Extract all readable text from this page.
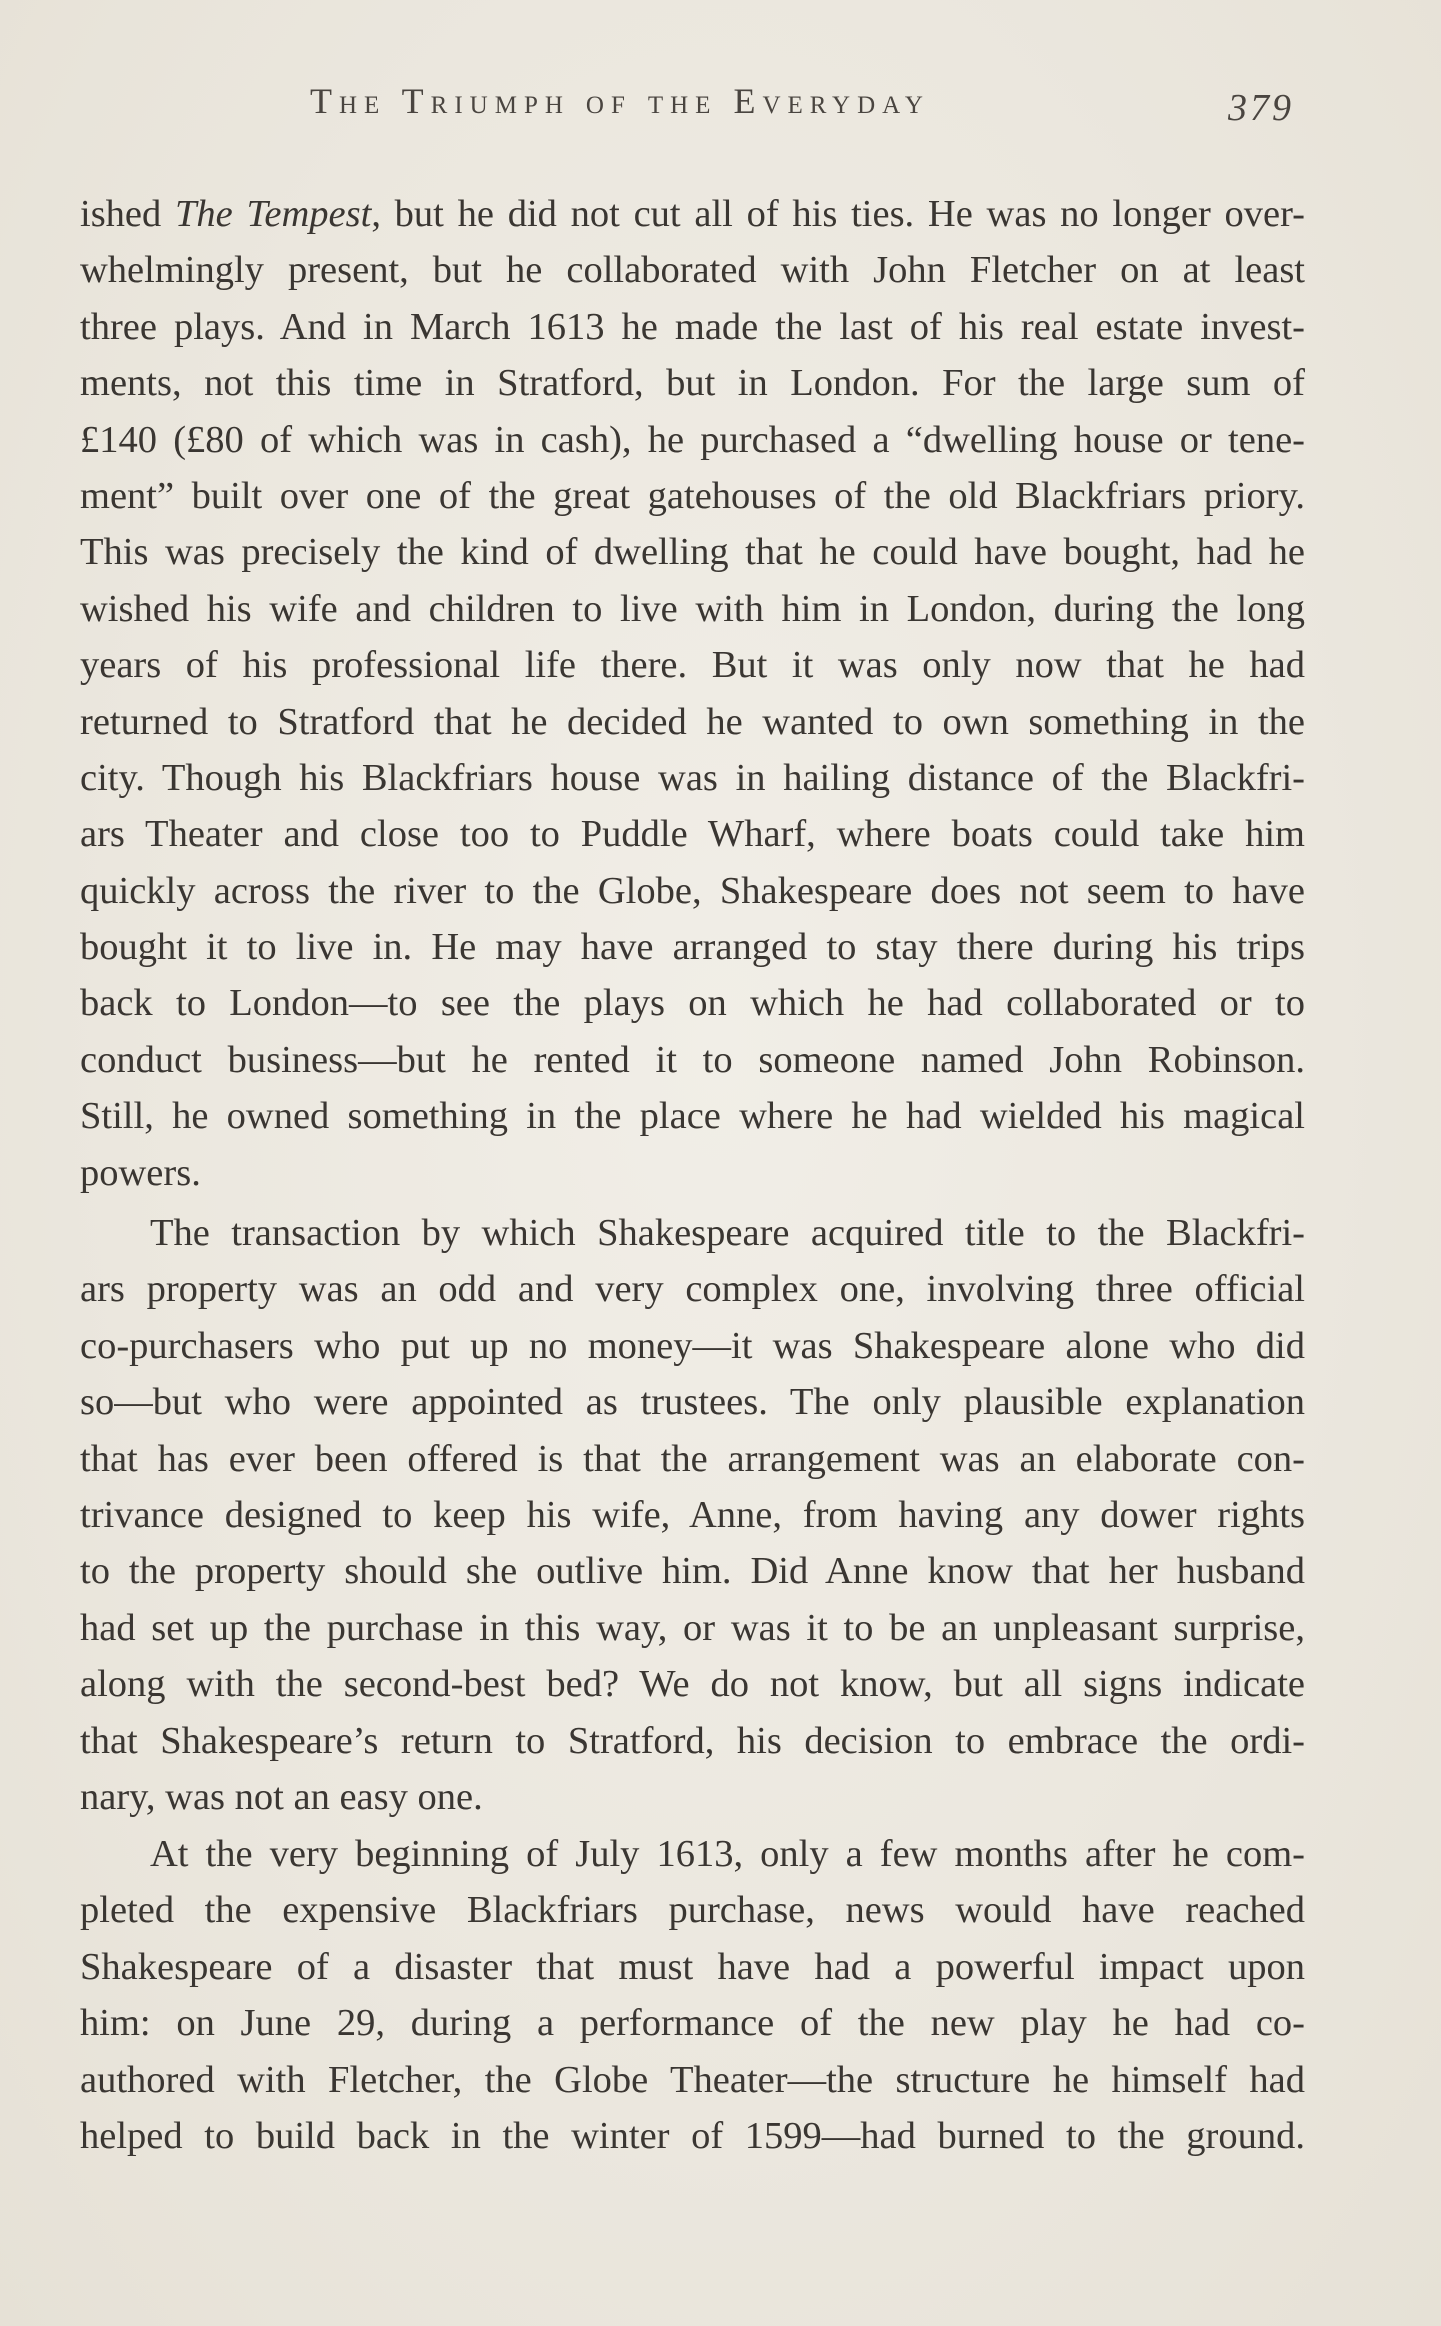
The Triumph of the Everyday	379
ished The Tempest, but he did not cut all of his ties. He was no longer over-
whelmingly present, but he collaborated with John Fletcher on at least
three plays. And in March 1613 he made the last of his real estate invest-
ments, not this time in Stratford, but in London. For the large sum of
£140 (£80 of which was in cash), he purchased a “dwelling house or tene-
ment” built over one of the great gatehouses of the old Blackfriars priory.
This was precisely the kind of dwelling that he could have bought, had he
wished his wife and children to live with him in London, during the long
years of his professional life there. But it was only now that he had
returned to Stratford that he decided he wanted to own something in the
city. Though his Blackfriars house was in hailing distance of the Blackfri-
ars Theater and close too to Puddle Wharf, where boats could take him
quickly across the river to the Globe, Shakespeare does not seem to have
bought it to live in. He may have arranged to stay there during his trips
back to London—to see the plays on which he had collaborated or to
conduct business—but he rented it to someone named John Robinson.
Still, he owned something in the place where he had wielded his magical
powers.
The transaction by which Shakespeare acquired title to the Blackfri-
ars property was an odd and very complex one, involving three official
co-purchasers who put up no money—it was Shakespeare alone who did
so—but who were appointed as trustees. The only plausible explanation
that has ever been offered is that the arrangement was an elaborate con-
trivance designed to keep his wife, Anne, from having any dower rights
to the property should she outlive him. Did Anne know that her husband
had set up the purchase in this way, or was it to be an unpleasant surprise,
along with the second-best bed? We do not know, but all signs indicate
that Shakespeare’s return to Stratford, his decision to embrace the ordi-
nary, was not an easy one.
At the very beginning of July 1613, only a few months after he com-
pleted the expensive Blackfriars purchase, news would have reached
Shakespeare of a disaster that must have had a powerful impact upon
him: on June 29, during a performance of the new play he had co-
authored with Fletcher, the Globe Theater—the structure he himself had
helped to build back in the winter of 1599—had burned to the ground.
